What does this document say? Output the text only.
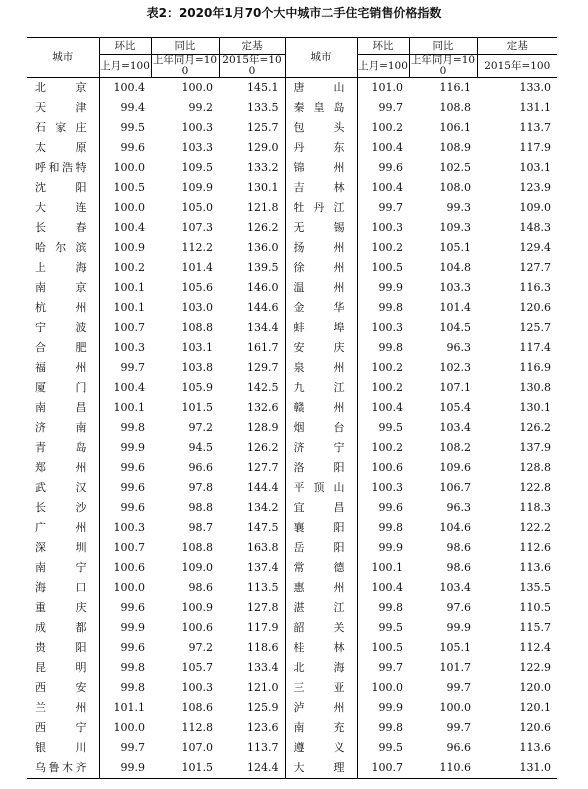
表2：2020年1月70个大中城市二手住宅销售价格指数
城市	环比	同比	定基	城市	环比	同比	定基
	上月=100	上年同月=100	2015年=100		上月=100	上年同月=100	2015年=100
北京	100.4	100.0	145.1	唐山	101.0	116.1	133.0
天津	99.4	99.2	133.5	秦皇岛	99.7	108.8	131.1
石家庄	99.5	100.3	125.7	包头	100.2	106.1	113.7
太原	99.6	103.3	129.0	丹东	100.4	108.9	117.9
呼和浩特	100.0	109.5	133.2	锦州	99.6	102.5	103.1
沈阳	100.5	109.9	130.1	吉林	100.4	108.0	123.9
大连	100.0	105.0	121.8	牡丹江	99.7	99.3	109.0
长春	100.4	107.3	126.2	无锡	100.3	109.3	148.3
哈尔滨	100.9	112.2	136.0	扬州	100.2	105.1	129.4
上海	100.2	101.4	139.5	徐州	100.5	104.8	127.7
南京	100.1	105.6	146.0	温州	99.9	103.3	116.3
杭州	100.1	103.0	144.6	金华	99.8	101.4	120.6
宁波	100.7	108.8	134.4	蚌埠	100.3	104.5	125.7
合肥	100.3	103.1	161.7	安庆	99.8	96.3	117.4
福州	99.7	103.8	129.7	泉州	100.2	102.3	116.9
厦门	100.4	105.9	142.5	九江	100.2	107.1	130.8
南昌	100.1	101.5	132.6	赣州	100.4	105.4	130.1
济南	99.8	97.2	128.9	烟台	99.5	103.4	126.2
青岛	99.9	94.5	126.2	济宁	100.2	108.2	137.9
郑州	99.6	96.6	127.7	洛阳	100.6	109.6	128.8
武汉	99.6	97.8	144.4	平顶山	100.3	106.7	122.8
长沙	99.6	98.8	134.2	宜昌	99.6	96.3	118.3
广州	100.3	98.7	147.5	襄阳	99.8	104.6	122.2
深圳	100.7	108.8	163.8	岳阳	99.9	98.6	112.6
南宁	100.6	109.0	137.4	常德	100.1	98.6	113.6
海口	100.0	98.6	113.5	惠州	100.4	103.4	135.5
重庆	99.6	100.9	127.8	湛江	99.8	97.6	110.5
成都	99.9	100.6	117.9	韶关	99.5	99.9	115.7
贵阳	99.6	97.2	118.6	桂林	100.5	105.1	112.4
昆明	99.8	105.7	133.4	北海	99.7	101.7	122.9
西安	99.8	100.3	121.0	三亚	100.0	99.7	120.0
兰州	101.1	108.6	125.9	泸州	99.9	100.0	120.1
西宁	100.0	112.8	123.6	南充	99.8	99.7	120.6
银川	99.7	107.0	113.7	遵义	99.5	96.6	113.6
乌鲁木齐	99.9	101.5	124.4	大理	100.7	110.6	131.0
